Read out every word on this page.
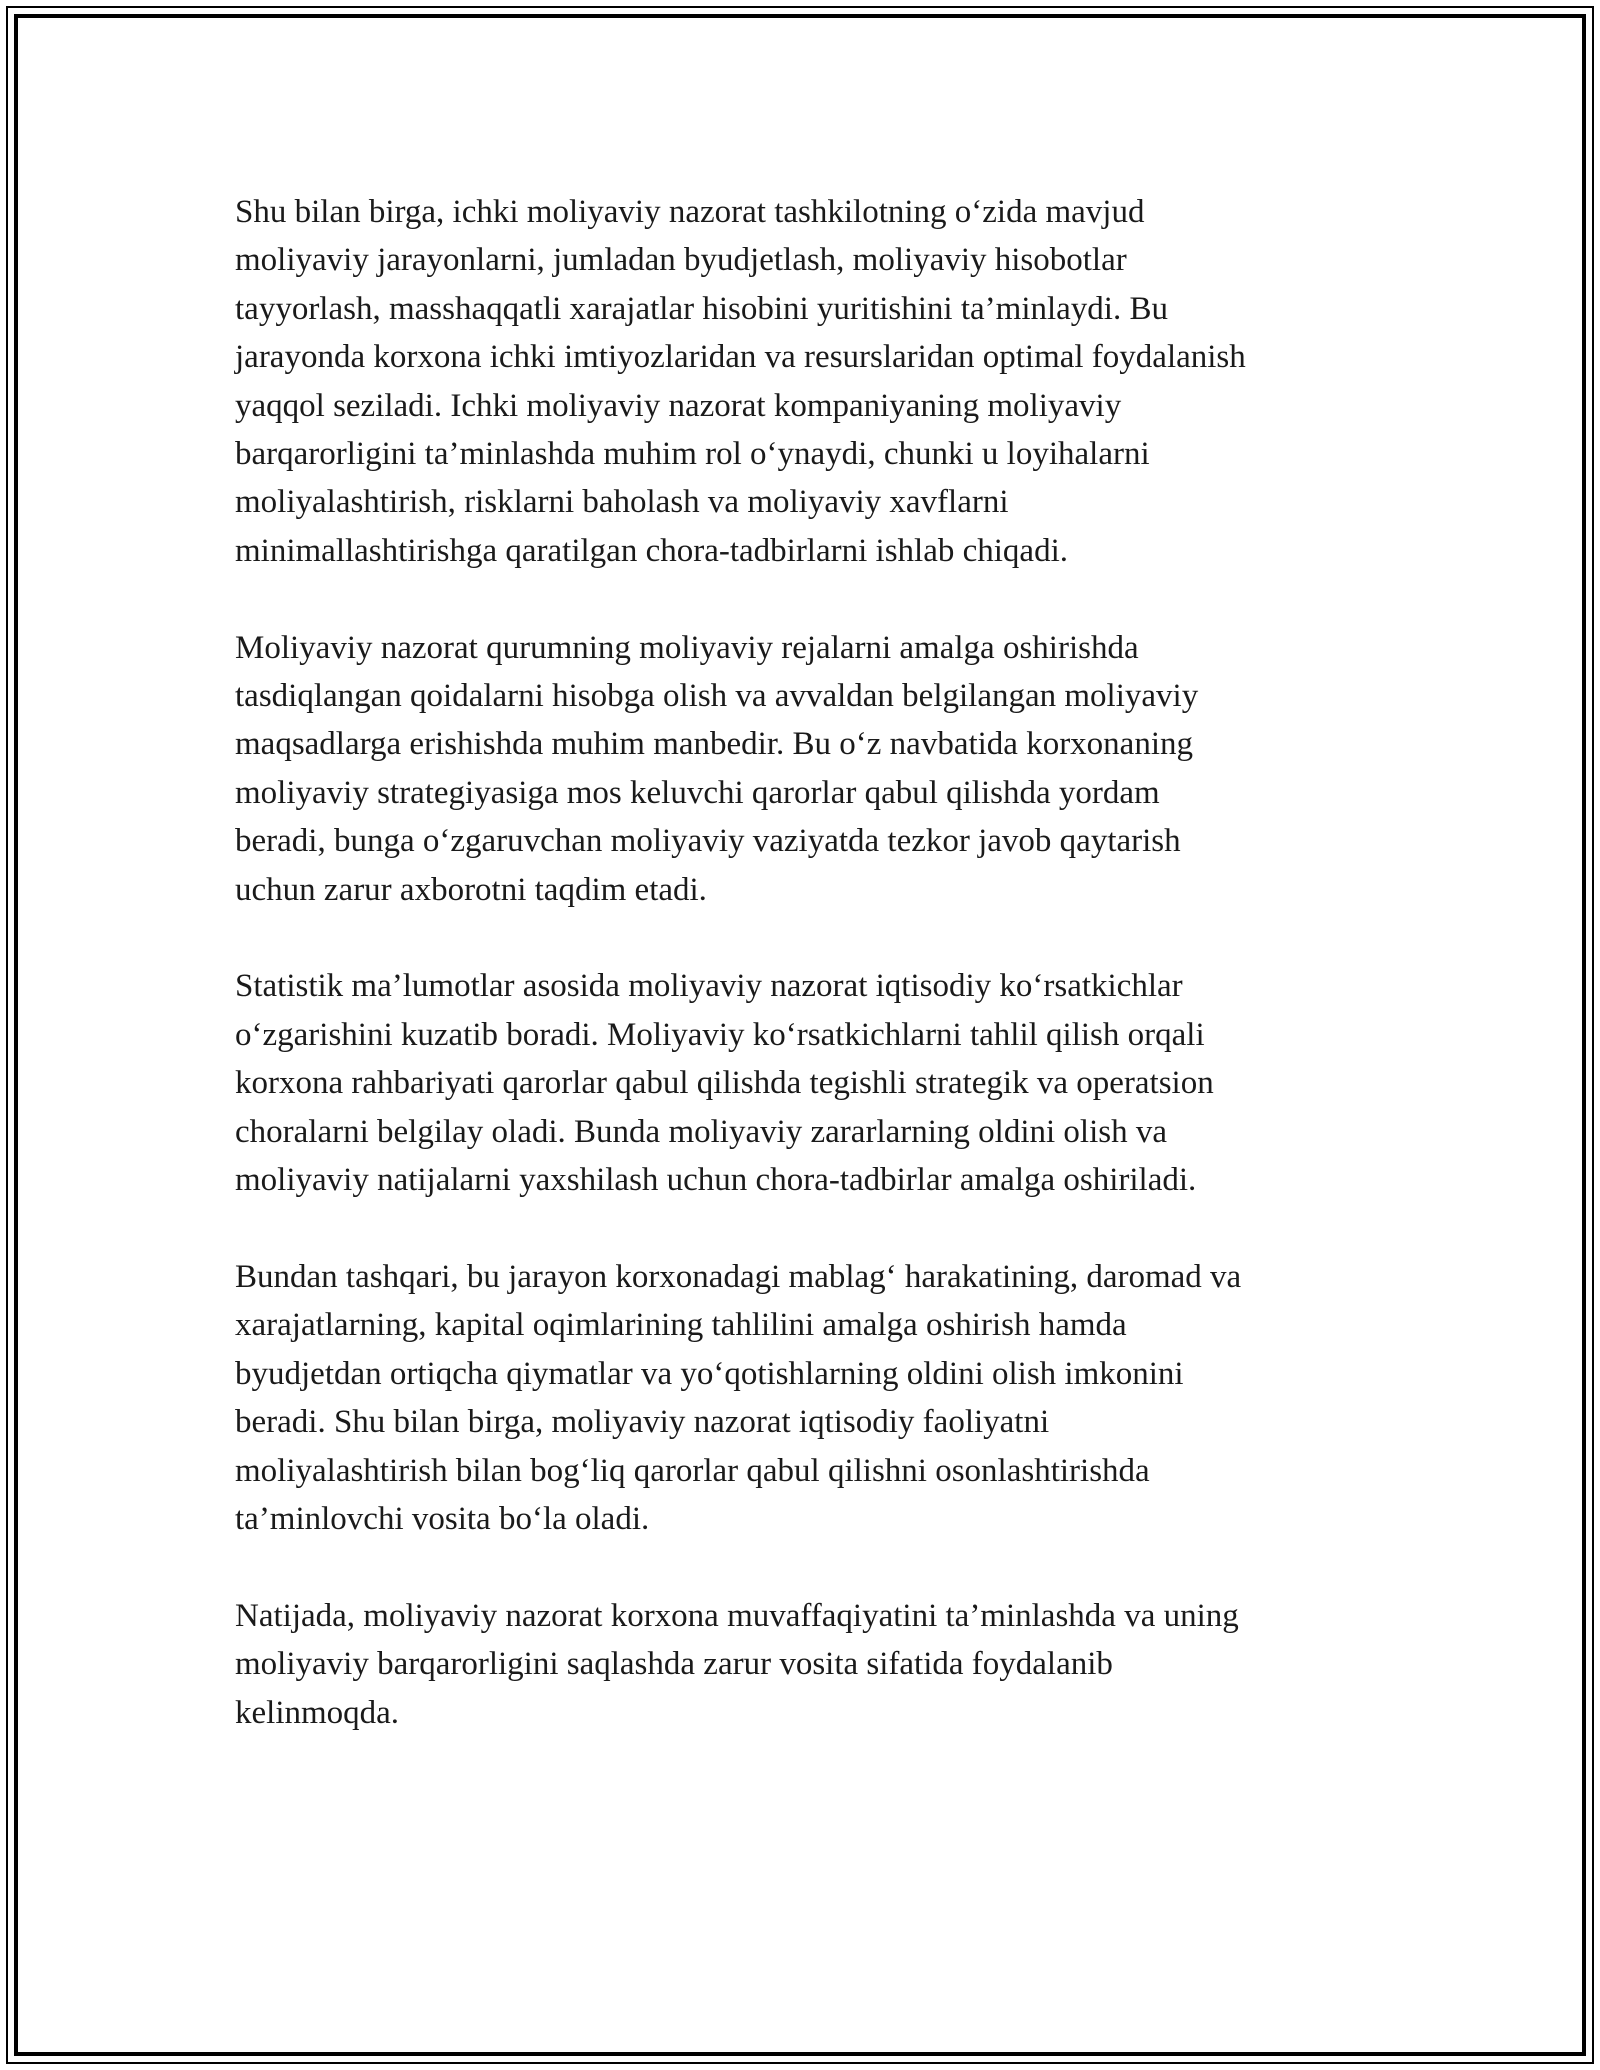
Shu bilan birga, ichki moliyaviy nazorat tashkilotning o‘zida mavjud
moliyaviy jarayonlarni, jumladan byudjetlash, moliyaviy hisobotlar
tayyorlash, masshaqqatli xarajatlar hisobini yuritishini ta’minlaydi. Bu
jarayonda korxona ichki imtiyozlaridan va resurslaridan optimal foydalanish
yaqqol seziladi. Ichki moliyaviy nazorat kompaniyaning moliyaviy
barqarorligini ta’minlashda muhim rol o‘ynaydi, chunki u loyihalarni
moliyalashtirish, risklarni baholash va moliyaviy xavflarni
minimallashtirishga qaratilgan chora-tadbirlarni ishlab chiqadi.

Moliyaviy nazorat qurumning moliyaviy rejalarni amalga oshirishda
tasdiqlangan qoidalarni hisobga olish va avvaldan belgilangan moliyaviy
maqsadlarga erishishda muhim manbedir. Bu o‘z navbatida korxonaning
moliyaviy strategiyasiga mos keluvchi qarorlar qabul qilishda yordam
beradi, bunga o‘zgaruvchan moliyaviy vaziyatda tezkor javob qaytarish
uchun zarur axborotni taqdim etadi.

Statistik ma’lumotlar asosida moliyaviy nazorat iqtisodiy ko‘rsatkichlar
o‘zgarishini kuzatib boradi. Moliyaviy ko‘rsatkichlarni tahlil qilish orqali
korxona rahbariyati qarorlar qabul qilishda tegishli strategik va operatsion
choralarni belgilay oladi. Bunda moliyaviy zararlarning oldini olish va
moliyaviy natijalarni yaxshilash uchun chora-tadbirlar amalga oshiriladi.

Bundan tashqari, bu jarayon korxonadagi mablag‘ harakatining, daromad va
xarajatlarning, kapital oqimlarining tahlilini amalga oshirish hamda
byudjetdan ortiqcha qiymatlar va yo‘qotishlarning oldini olish imkonini
beradi. Shu bilan birga, moliyaviy nazorat iqtisodiy faoliyatni
moliyalashtirish bilan bog‘liq qarorlar qabul qilishni osonlashtirishda
ta’minlovchi vosita bo‘la oladi.

Natijada, moliyaviy nazorat korxona muvaffaqiyatini ta’minlashda va uning
moliyaviy barqarorligini saqlashda zarur vosita sifatida foydalanib
kelinmoqda.
